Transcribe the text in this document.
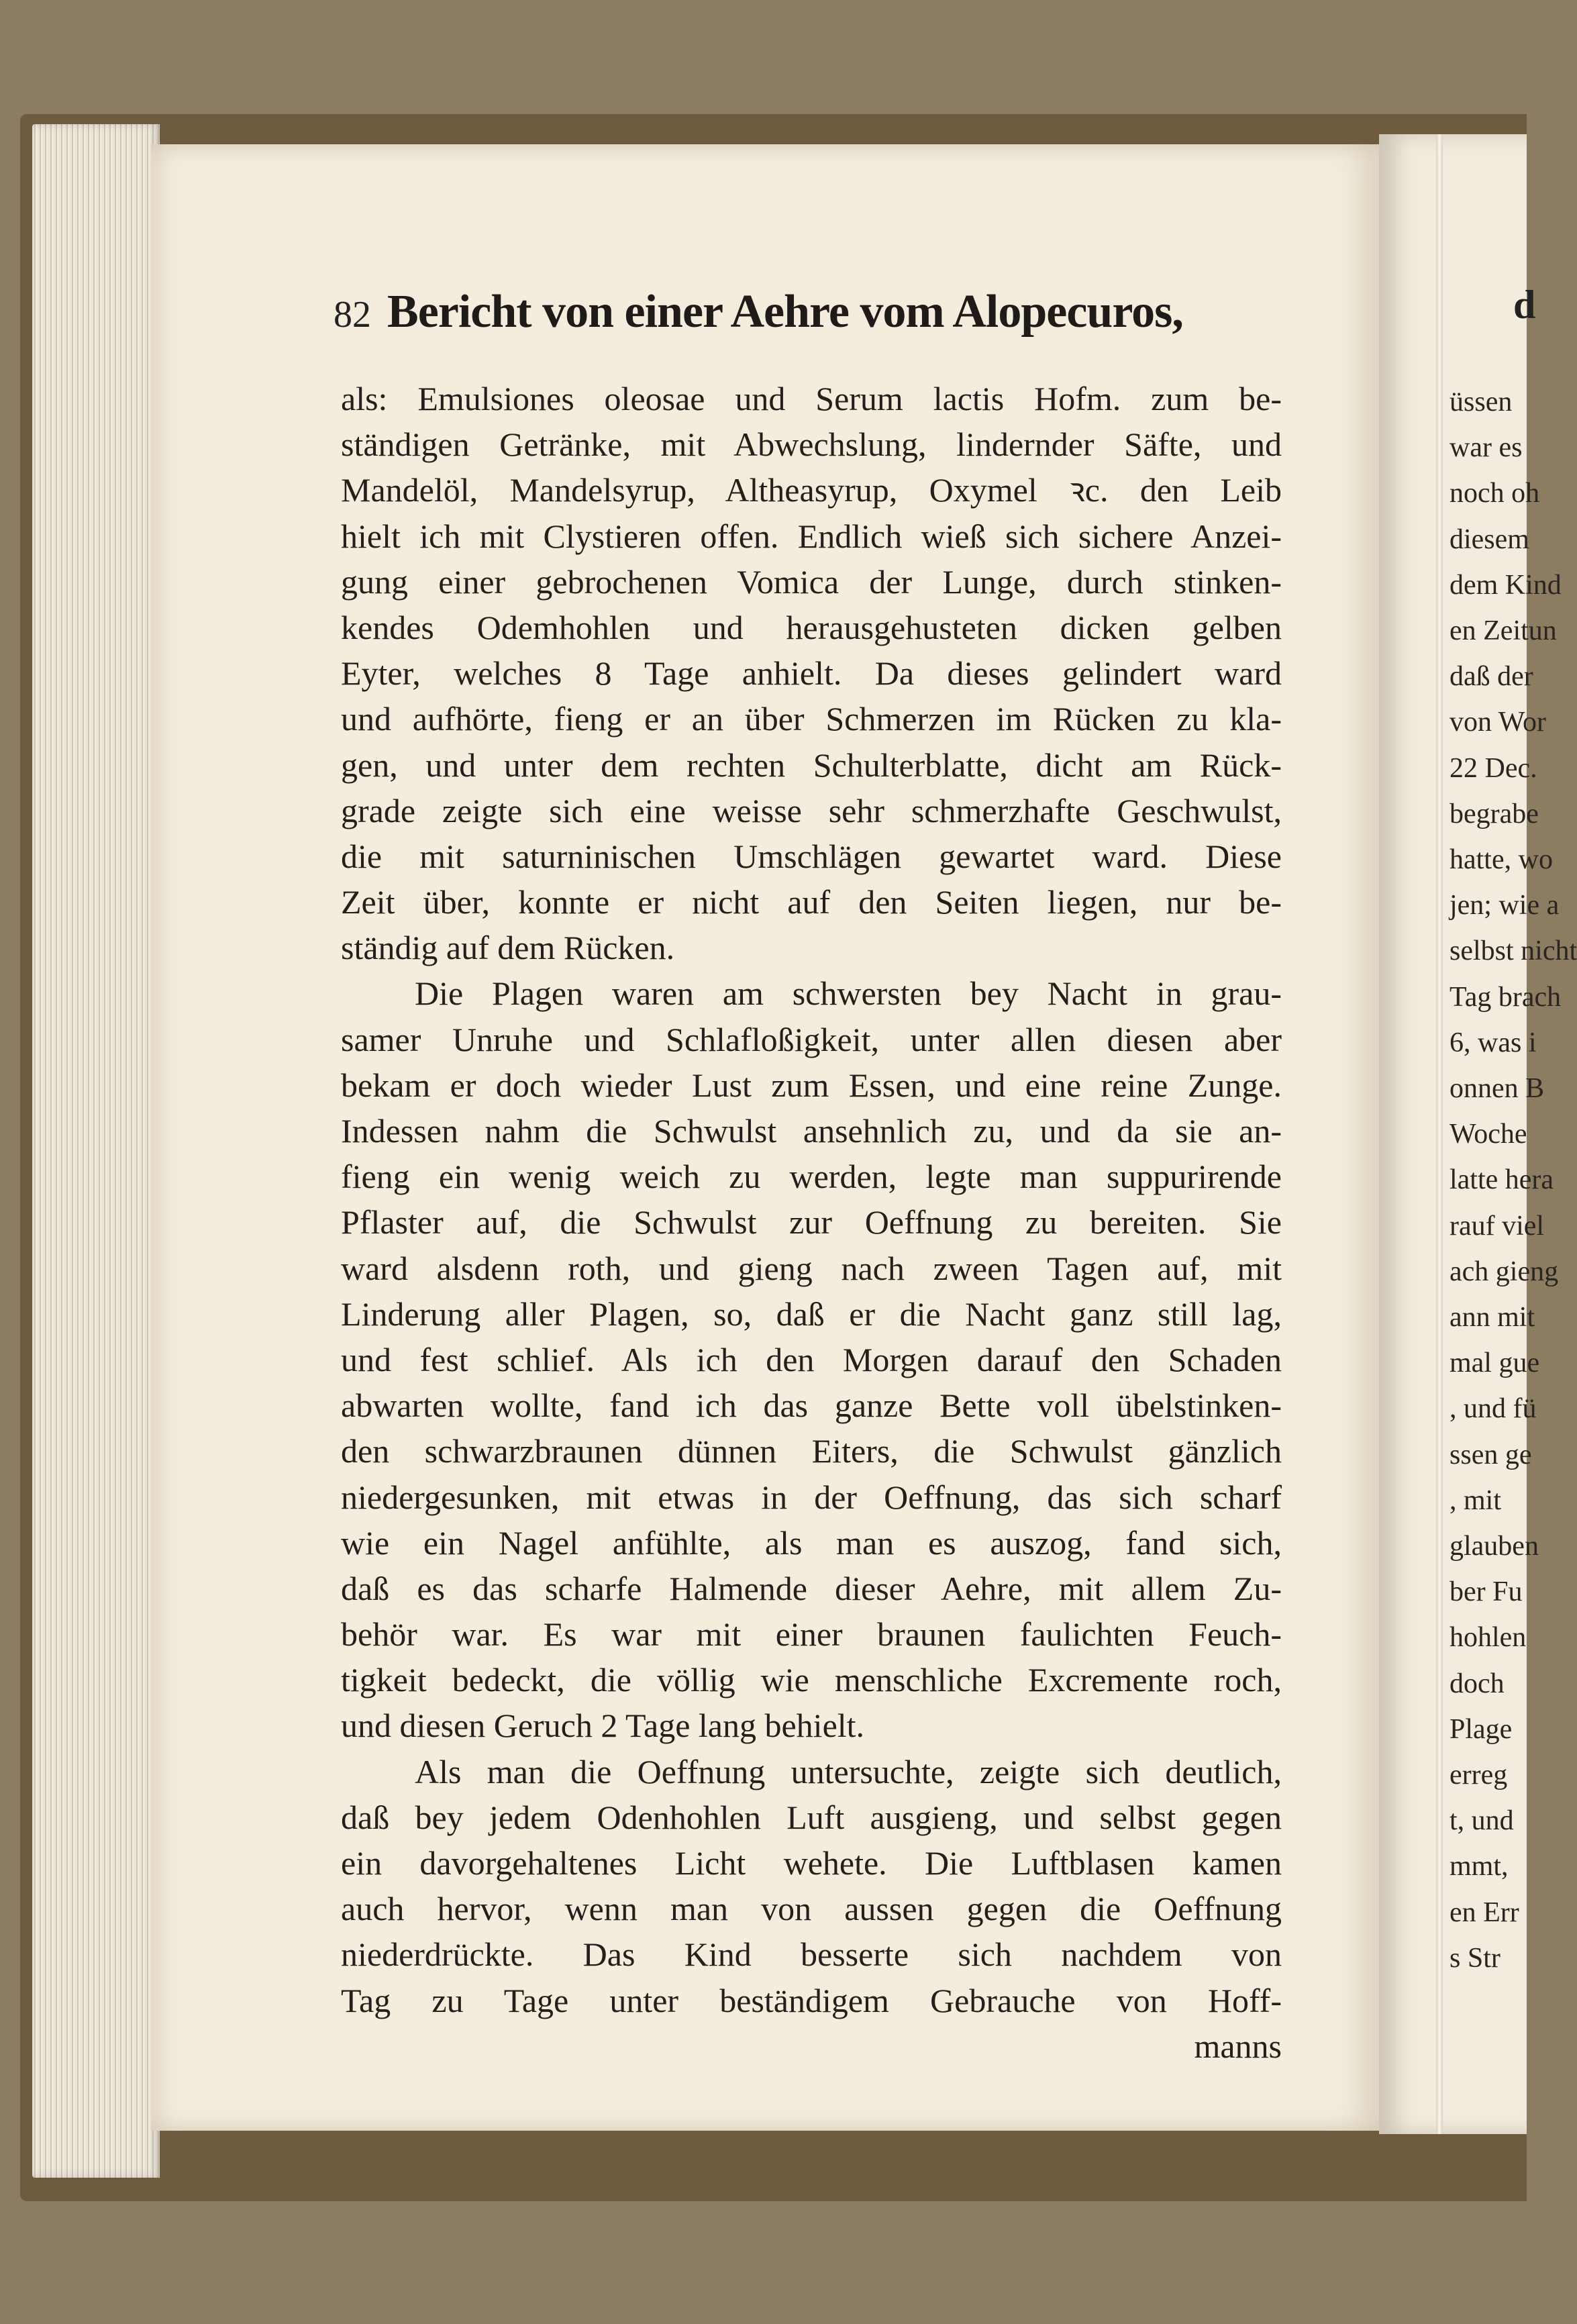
82 Bericht von einer Aehre vom Alopecuros,
als: Emulsiones oleosae und Serum lactis Hofm. zum be-
ständigen Getränke, mit Abwechslung, lindernder Säfte, und
Mandelöl, Mandelsyrup, Altheasyrup, Oxymel ꝛc. den Leib
hielt ich mit Clystieren offen. Endlich wieß sich sichere Anzei-
gung einer gebrochenen Vomica der Lunge, durch stinken-
kendes Odemhohlen und herausgehusteten dicken gelben
Eyter, welches 8 Tage anhielt. Da dieses gelindert ward
und aufhörte, fieng er an über Schmerzen im Rücken zu kla-
gen, und unter dem rechten Schulterblatte, dicht am Rück-
grade zeigte sich eine weisse sehr schmerzhafte Geschwulst,
die mit saturninischen Umschlägen gewartet ward. Diese
Zeit über, konnte er nicht auf den Seiten liegen, nur be-
ständig auf dem Rücken.
Die Plagen waren am schwersten bey Nacht in grau-
samer Unruhe und Schlafloßigkeit, unter allen diesen aber
bekam er doch wieder Lust zum Essen, und eine reine Zunge.
Indessen nahm die Schwulst ansehnlich zu, und da sie an-
fieng ein wenig weich zu werden, legte man suppurirende
Pflaster auf, die Schwulst zur Oeffnung zu bereiten. Sie
ward alsdenn roth, und gieng nach zween Tagen auf, mit
Linderung aller Plagen, so, daß er die Nacht ganz still lag,
und fest schlief. Als ich den Morgen darauf den Schaden
abwarten wollte, fand ich das ganze Bette voll übelstinken-
den schwarzbraunen dünnen Eiters, die Schwulst gänzlich
niedergesunken, mit etwas in der Oeffnung, das sich scharf
wie ein Nagel anfühlte, als man es auszog, fand sich,
daß es das scharfe Halmende dieser Aehre, mit allem Zu-
behör war. Es war mit einer braunen faulichten Feuch-
tigkeit bedeckt, die völlig wie menschliche Excremente roch,
und diesen Geruch 2 Tage lang behielt.
Als man die Oeffnung untersuchte, zeigte sich deutlich,
daß bey jedem Odenhohlen Luft ausgieng, und selbst gegen
ein davorgehaltenes Licht wehete. Die Luftblasen kamen
auch hervor, wenn man von aussen gegen die Oeffnung
niederdrückte. Das Kind besserte sich nachdem von
Tag zu Tage unter beständigem Gebrauche von Hoff-
manns
d
üssen
war es
noch oh
diesem
dem Kind
en Zeitun
daß der
von Wor
22 Dec.
begrabe
hatte, wo
jen; wie a
selbst nicht
Tag brach
6, was i
onnen B
Woche
latte hera
rauf viel
ach gieng
ann mit
mal gue
, und fü
ssen ge
, mit
glauben
ber Fu
hohlen
doch
Plage
erreg
t, und
mmt,
en Err
s Str
